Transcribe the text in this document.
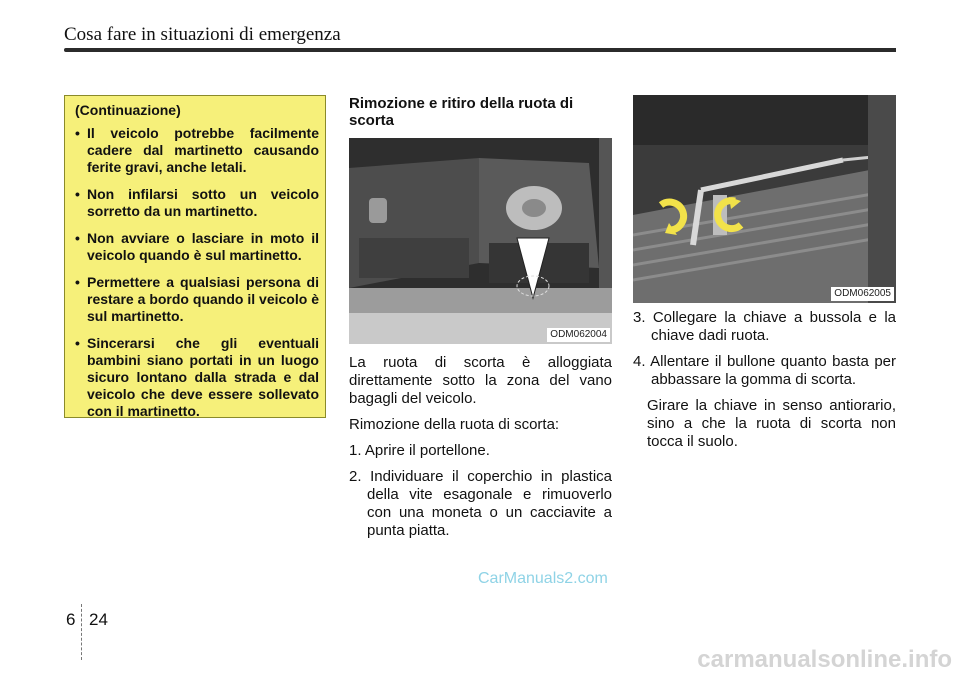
Cosa fare in situazioni di emergenza
(Continuazione)
• Il veicolo potrebbe facilmente cadere dal martinetto causando ferite gravi, anche letali.
• Non infilarsi sotto un veicolo sorretto da un martinetto.
• Non avviare o lasciare in moto il veicolo quando è sul martinetto.
• Permettere a qualsiasi persona di restare a bordo quando il veicolo è sul martinetto.
• Sincerarsi che gli eventuali bambini siano portati in un luogo sicuro lontano dalla strada e dal veicolo che deve essere sollevato con il martinetto.
Rimozione e ritiro della ruota di scorta
ODM062004

La ruota di scorta è alloggiata direttamente sotto la zona del vano bagagli del veicolo.

Rimozione della ruota di scorta:

1. Aprire il portellone.

2. Individuare il coperchio in plastica della vite esagonale e rimuoverlo con una moneta o un cacciavite a punta piatta.

ODM062005

3. Collegare la chiave a bussola e la chiave dadi ruota.

4. Allentare il bullone quanto basta per abbassare la gomma di scorta.

Girare la chiave in senso antiorario, sino a che la ruota di scorta non tocca il suolo.

6 24
CarManuals2.com
carmanualsonline.info
